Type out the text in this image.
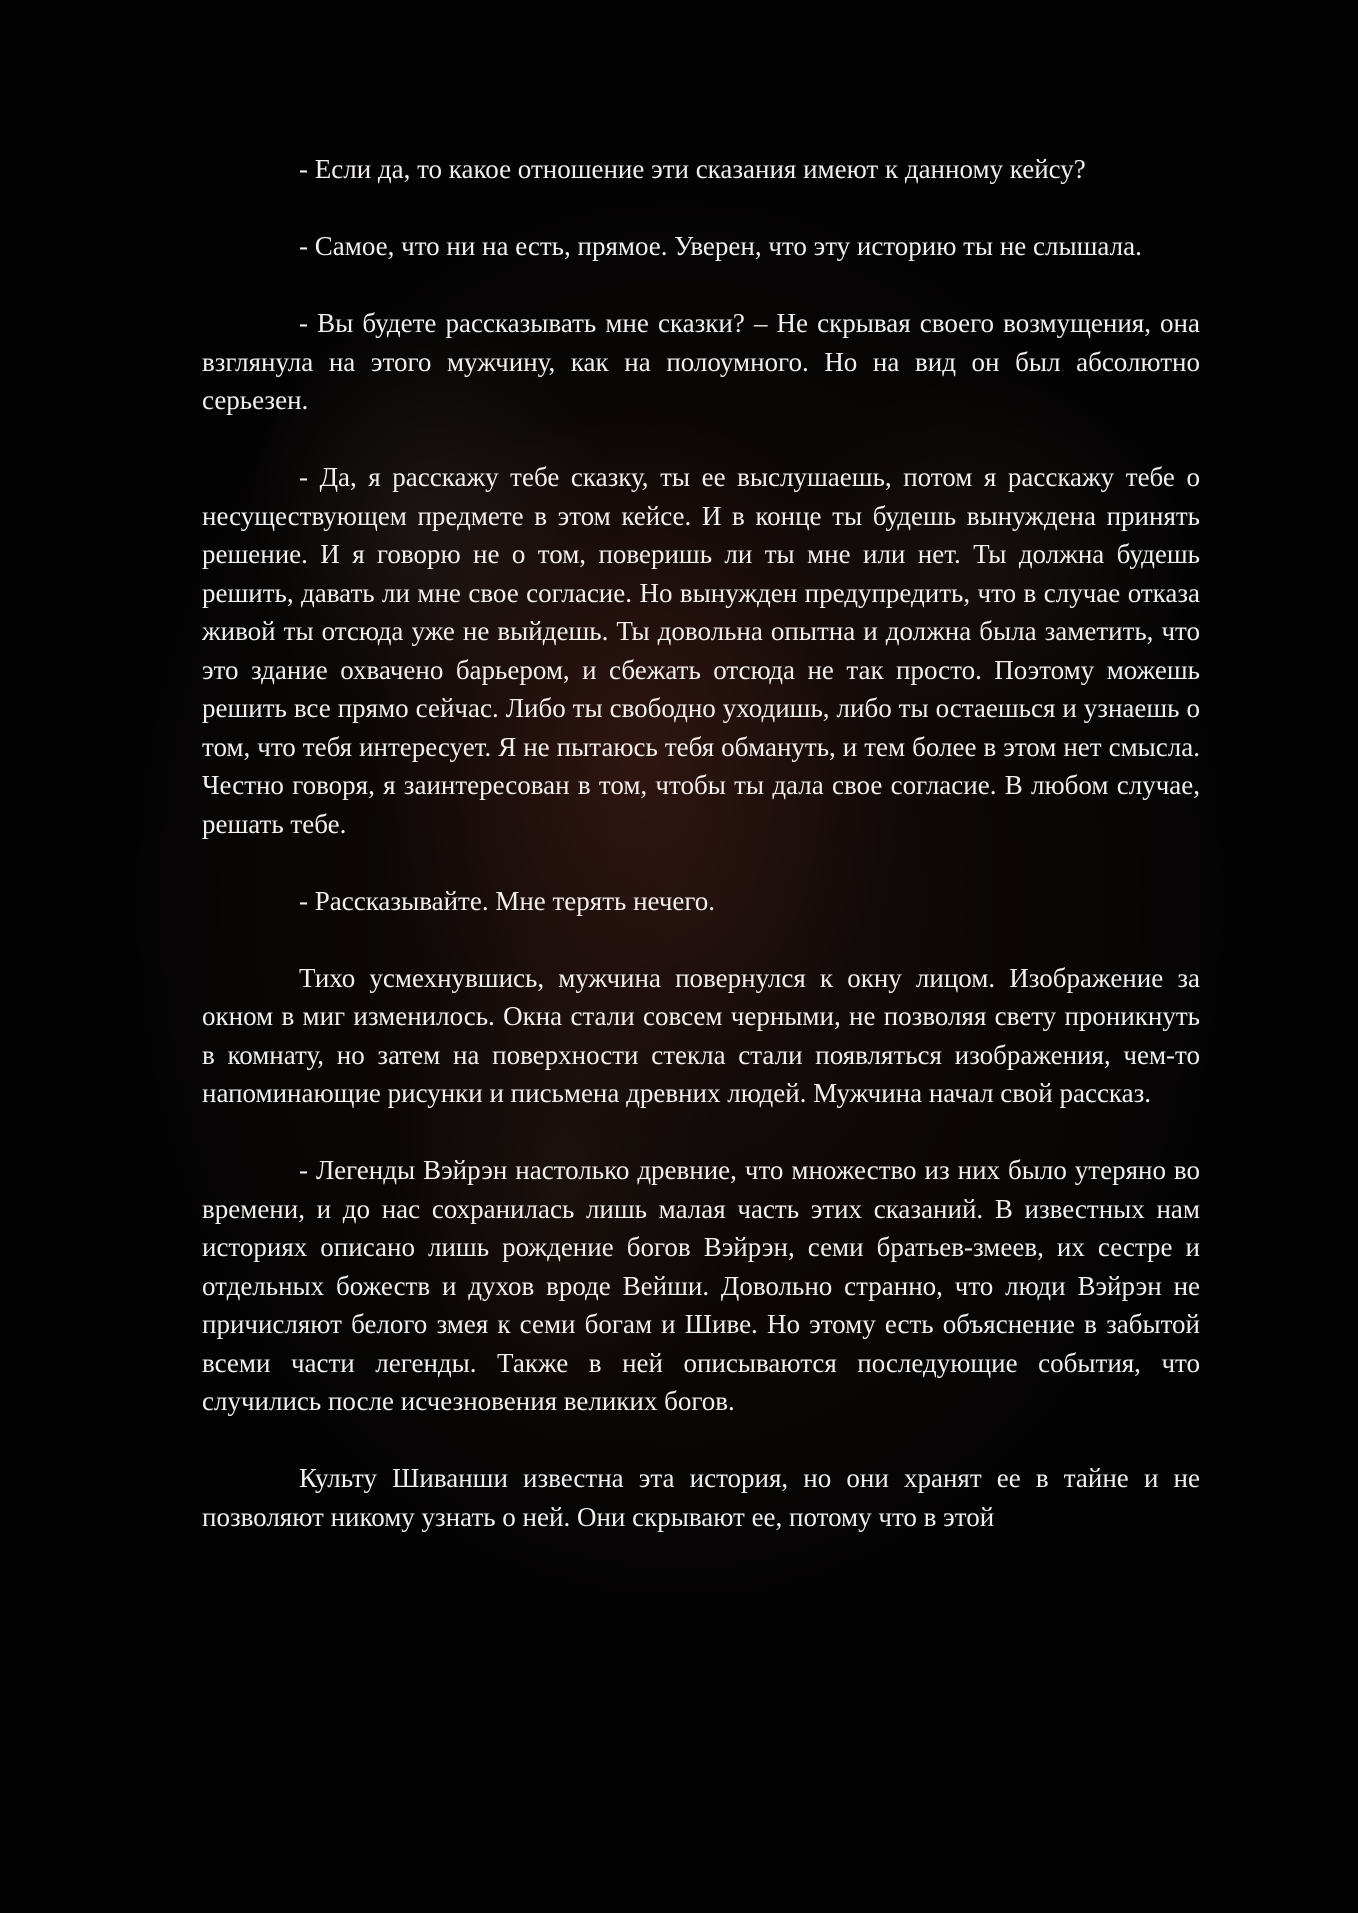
- Если да, то какое отношение эти сказания имеют к данному кейсу?

- Самое, что ни на есть, прямое. Уверен, что эту историю ты не слышала.

- Вы будете рассказывать мне сказки? – Не скрывая своего возмущения, она взглянула на этого мужчину, как на полоумного. Но на вид он был абсолютно серьезен.

- Да, я расскажу тебе сказку, ты ее выслушаешь, потом я расскажу тебе о несуществующем предмете в этом кейсе. И в конце ты будешь вынуждена принять решение. И я говорю не о том, поверишь ли ты мне или нет. Ты должна будешь решить, давать ли мне свое согласие. Но вынужден предупредить, что в случае отказа живой ты отсюда уже не выйдешь. Ты довольна опытна и должна была заметить, что это здание охвачено барьером, и сбежать отсюда не так просто. Поэтому можешь решить все прямо сейчас. Либо ты свободно уходишь, либо ты остаешься и узнаешь о том, что тебя интересует. Я не пытаюсь тебя обмануть, и тем более в этом нет смысла. Честно говоря, я заинтересован в том, чтобы ты дала свое согласие. В любом случае, решать тебе.

- Рассказывайте. Мне терять нечего.

Тихо усмехнувшись, мужчина повернулся к окну лицом. Изображение за окном в миг изменилось. Окна стали совсем черными, не позволяя свету проникнуть в комнату, но затем на поверхности стекла стали появляться изображения, чем-то напоминающие рисунки и письмена древних людей. Мужчина начал свой рассказ.

- Легенды Вэйрэн настолько древние, что множество из них было утеряно во времени, и до нас сохранилась лишь малая часть этих сказаний. В известных нам историях описано лишь рождение богов Вэйрэн, семи братьев-змеев, их сестре и отдельных божеств и духов вроде Вейши. Довольно странно, что люди Вэйрэн не причисляют белого змея к семи богам и Шиве. Но этому есть объяснение в забытой всеми части легенды. Также в ней описываются последующие события, что случились после исчезновения великих богов.

Культу Шиванши известна эта история, но они хранят ее в тайне и не позволяют никому узнать о ней. Они скрывают ее, потому что в этой
